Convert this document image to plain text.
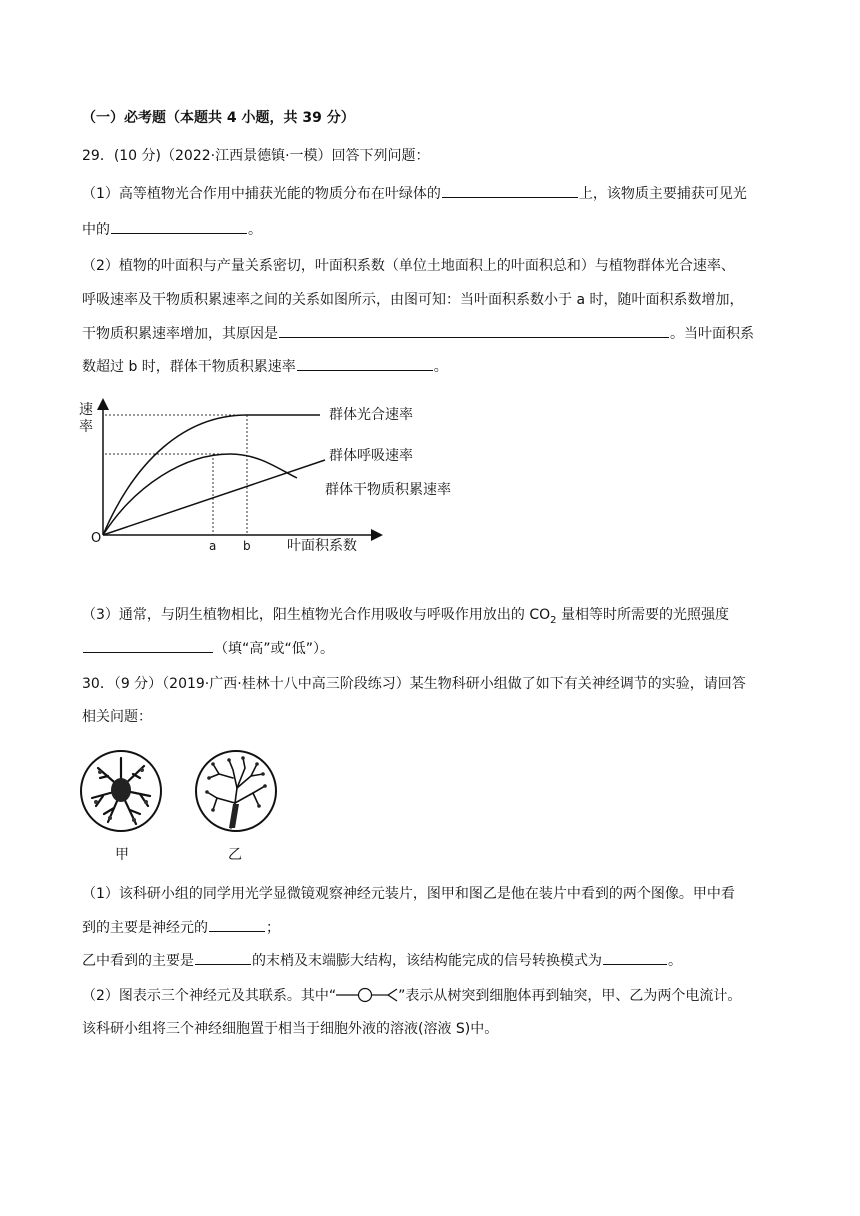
（一）必考题（本题共 4 小题，共 39 分）
29．(10 分)（2022·江西景德镇·一模）回答下列问题：
（1）高等植物光合作用中捕获光能的物质分布在叶绿体的	上，该物质主要捕获可见光
中的	。
（2）植物的叶面积与产量关系密切，叶面积系数（单位土地面积上的叶面积总和）与植物群体光合速率、
呼吸速率及干物质积累速率之间的关系如图所示，由图可知：当叶面积系数小于 a 时，随叶面积系数增加，
干物质积累速率增加，其原因是	。当叶面积系
数超过 b 时，群体干物质积累速率	。
速率
O	a b	叶面积系数
群体光合速率
群体呼吸速率
群体干物质积累速率
（3）通常，与阴生植物相比，阳生植物光合作用吸收与呼吸作用放出的 $CO_2$ 量相等时所需要的光照强度
（填“高”或“低”）。
30．（9 分）（2019·广西·桂林十八中高三阶段练习）某生物科研小组做了如下有关神经调节的实验，请回答
相关问题：
甲	乙
（1）该科研小组的同学用光学显微镜观察神经元装片，图甲和图乙是他在装片中看到的两个图像。甲中看
到的主要是神经元的	；
乙中看到的主要是	的末梢及末端膨大结构，该结构能完成的信号转换模式为	。
（2）图表示三个神经元及其联系。其中“	”表示从树突到细胞体再到轴突，甲、乙为两个电流计。
该科研小组将三个神经细胞置于相当于细胞外液的溶液(溶液 S)中。
